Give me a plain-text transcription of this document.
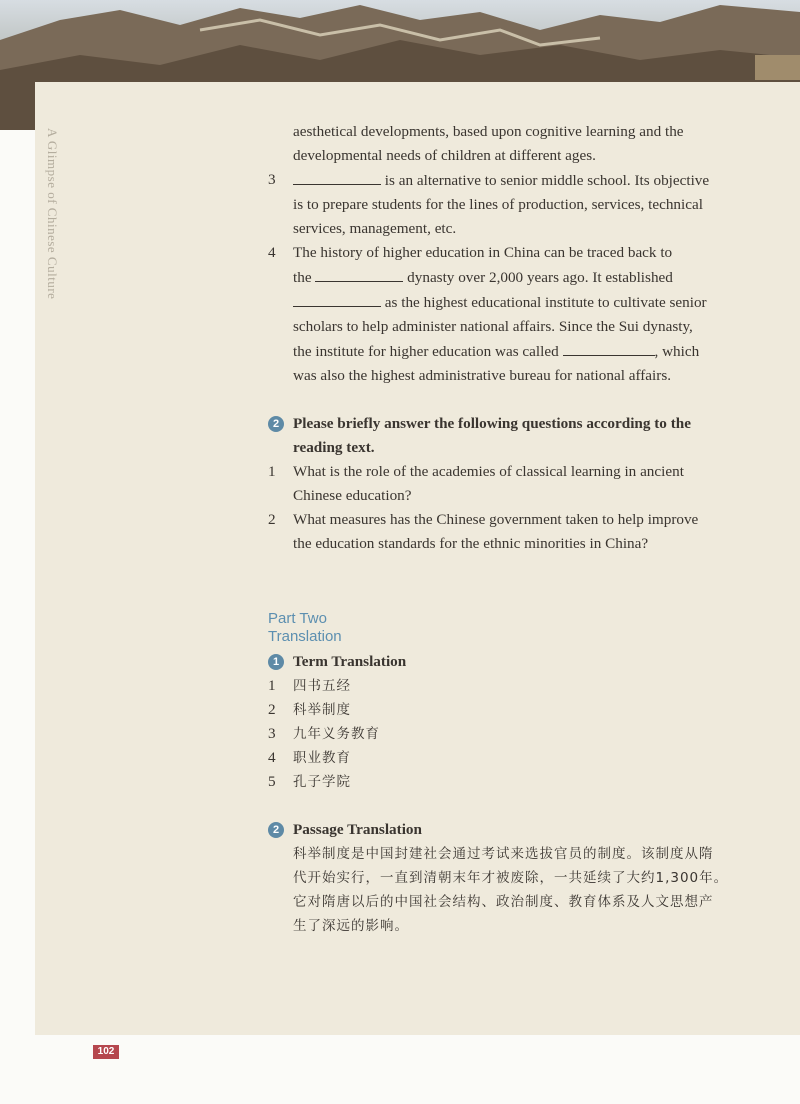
A Glimpse of Chinese Culture	aesthetical developments, based upon cognitive learning and the
developmental needs of children at different ages.
3	is an alternative to senior middle school. Its objective
is to prepare students for the lines of production, services, technical
services, management, etc.
4	The history of higher education in China can be traced back to
the	dynasty over 2,000 years ago. It established
as the highest educational institute to cultivate senior
scholars to help administer national affairs. Since the Sui dynasty,
the institute for higher education was called	, which
was also the highest administrative bureau for national affairs.
2 Please briefly answer the following questions according to the
reading text.
1	What is the role of the academies of classical learning in ancient
Chinese education?
2	What measures has the Chinese government taken to help improve
the education standards for the ethnic minorities in China?
Part Two
Translation
1 Term Translation
1	四书五经
2	科举制度
3	九年义务教育
4	职业教育
5	孔子学院
2 Passage Translation
科举制度是中国封建社会通过考试来选拔官员的制度。该制度从隋
代开始实行，一直到清朝末年才被废除，一共延续了大约1,300年。
它对隋唐以后的中国社会结构、政治制度、教育体系及人文思想产
生了深远的影响。
102
